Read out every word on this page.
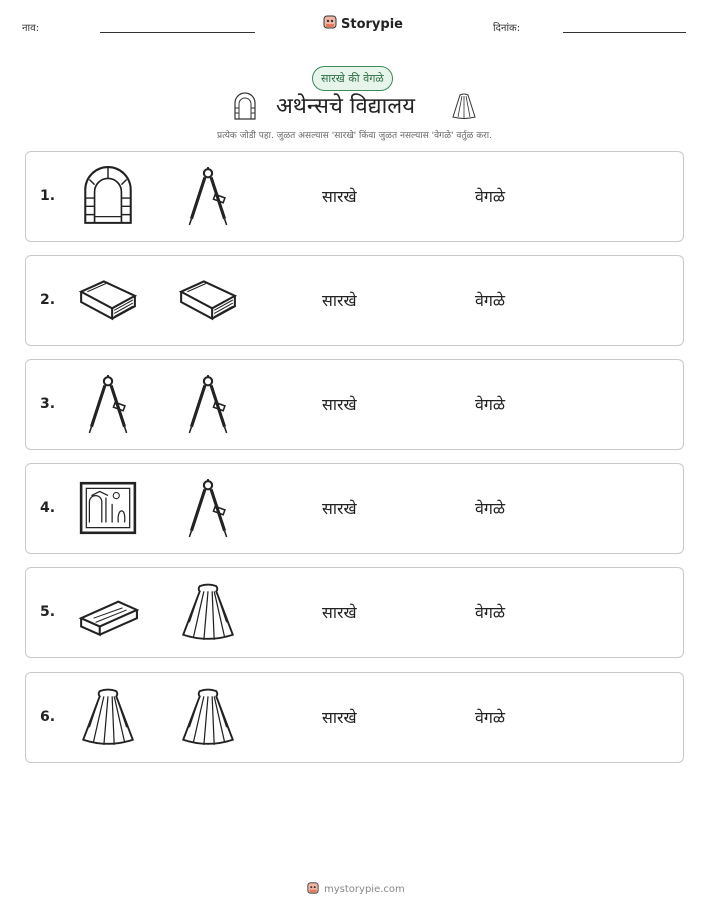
नाव:	Storypie	दिनांक:
सारखे की वेगळे
अथेन्सचे विद्यालय
प्रत्येक जोडी पहा. जुळत असल्यास 'सारखे' किंवा जुळत नसल्यास 'वेगळे' वर्तुळ करा.
1.	सारखे	वेगळे
2.	सारखे	वेगळे
3.	सारखे	वेगळे
4.	सारखे	वेगळे
5.	सारखे	वेगळे
6.	सारखे	वेगळे
mystorypie.com
